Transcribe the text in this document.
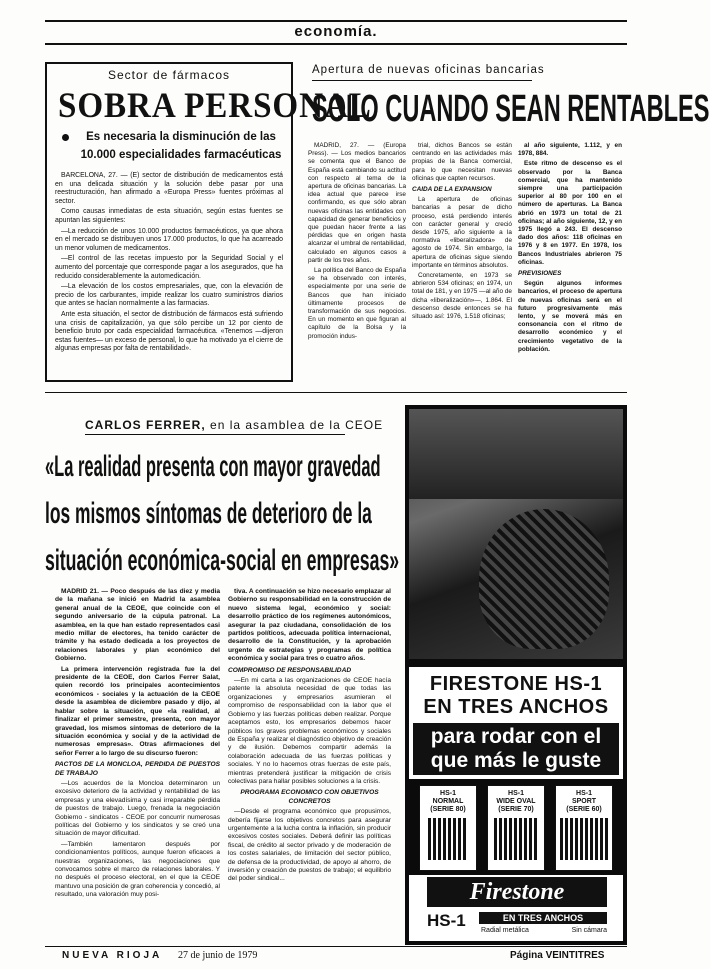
economía.
Sector de fármacos
SOBRA PERSONAL
Es necesaria la disminución de las
10.000 especialidades farmacéuticas

BARCELONA, 27. — (E) sector de distribución de medicamentos está en una delicada situación y la solución debe pasar por una reestructuración, han afirmado a «Europa Press» fuentes próximas al sector.

Como causas inmediatas de esta situación, según estas fuentes se apuntan las siguientes:

—La reducción de unos 10.000 productos farmacéuticos, ya que ahora en el mercado se distribuyen unos 17.000 productos, lo que ha acarreado un menor volumen de medicamentos.

—El control de las recetas impuesto por la Seguridad Social y el aumento del porcentaje que corresponde pagar a los asegurados, que ha reducido considerablemente la automedicación.

—La elevación de los costos empresariales, que, con la elevación de precio de los carburantes, impide realizar los cuatro suministros diarios que antes se hacían normalmente a las farmacias.

Ante esta situación, el sector de distribución de fármacos está sufriendo una crisis de capitalización, ya que sólo percibe un 12 por ciento de beneficio bruto por cada especialidad farmacéutica. «Tenemos —dijeron estas fuentes— un exceso de personal, lo que ha motivado ya el cierre de algunas empresas por falta de rentabilidad».

Apertura de nuevas oficinas bancarias
SOLO CUANDO SEAN RENTABLES

MADRID, 27. — (Europa Press). — Los medios bancarios se comenta que el Banco de España está cambiando su actitud con respecto al tema de la apertura de oficinas bancarias. La idea actual que parece irse confirmando, es que sólo abran nuevas oficinas las entidades con capacidad de generar beneficios y que puedan hacer frente a las pérdidas que en origen hasta alcanzar el umbral de rentabilidad, calculado en algunos casos a partir de los tres años.

La política del Banco de España se ha observado con interés, especialmente por una serie de Bancos que han iniciado últimamente procesos de transformación de sus negocios. En un momento en que figuran al capítulo de la Bolsa y la promoción indus-

trial, dichos Bancos se están centrando en las actividades más propias de la Banca comercial, para lo que necesitan nuevas oficinas que capten recursos.

CAIDA DE LA EXPANSION

La apertura de oficinas bancarias a pesar de dicho proceso, está perdiendo interés con carácter general y creció desde 1975, año siguiente a la normativa «liberalizadora» de agosto de 1974. Sin embargo, la apertura de oficinas sigue siendo importante en términos absolutos.

Concretamente, en 1973 se abrieron 534 oficinas; en 1974, un total de 181, y en 1975 —al año de dicha «liberalización»—, 1.864. El descenso desde entonces se ha situado así: 1976, 1.518 oficinas;

al año siguiente, 1.112, y en 1978, 884.

Este ritmo de descenso es el observado por la Banca comercial, que ha mantenido siempre una participación superior al 80 por 100 en el número de aperturas. La Banca abrió en 1973 un total de 21 oficinas; al año siguiente, 12, y en 1975 llegó a 243. El descenso dado dos años: 118 oficinas en 1976 y 8 en 1977. En 1978, los Bancos Industriales abrieron 75 oficinas.

PREVISIONES

Según algunos informes bancarios, el proceso de apertura de nuevas oficinas será en el futuro progresivamente más lento, y se moverá más en consonancia con el ritmo de desarrollo económico y el crecimiento vegetativo de la población.

CARLOS FERRER, en la asamblea de la CEOE
«La realidad presenta con mayor gravedad
los mismos síntomas de deterioro de la
situación económica-social en empresas»

MADRID 21. — Poco después de las diez y media de la mañana se inició en Madrid la asamblea general anual de la CEOE, que coincide con el segundo aniversario de la cúpula patronal. La asamblea, en la que han estado representados casi medio millar de electores, ha tenido carácter de trámite y ha estado dedicada a los proyectos de relaciones laborales y plan económico del Gobierno.

La primera intervención registrada fue la del presidente de la CEOE, don Carlos Ferrer Salat, quien recordó los principales acontecimientos económicos - sociales y la actuación de la CEOE desde la asamblea de diciembre pasado y dijo, al hablar sobre la situación, que «la realidad, al finalizar el primer semestre, presenta, con mayor gravedad, los mismos síntomas de deterioro de la situación económica y social y de la actividad de numerosas empresas». Otras afirmaciones del señor Ferrer a lo largo de su discurso fueron:

PACTOS DE LA MONCLOA, PERDIDA DE PUESTOS DE TRABAJO

—Los acuerdos de la Moncloa determinaron un excesivo deterioro de la actividad y rentabilidad de las empresas y una elevadísima y casi irreparable pérdida de puestos de trabajo. Luego, frenada la negociación Gobierno - sindicatos - CEOE por concurrir numerosas políticas del Gobierno y los sindicatos y se creó una situación de mayor dificultad.

—También lamentaron después por condicionamientos políticos, aunque fueron eficaces a nuestras organizaciones, las negociaciones que convocamos sobre el marco de relaciones laborales. Y no después el proceso electoral, en el que la CEOE mantuvo una posición de gran coherencia y concedió, al resultado, una valoración muy posi-

tiva. A continuación se hizo necesario emplazar al Gobierno su responsabilidad en la construcción de nuevo sistema legal, económico y social: desarrollo práctico de los regímenes autonómicos, asegurar la paz ciudadana, consolidación de los partidos políticos, adecuada política internacional, desarrollo de la Constitución, y la aprobación urgente de estrategias y programas de política económica y social para tres o cuatro años.

COMPROMISO DE RESPONSABILIDAD

—En mi carta a las organizaciones de CEOE hacía patente la absoluta necesidad de que todas las organizaciones y empresarios asumieran el compromiso de responsabilidad con la labor que el Gobierno y las fuerzas políticas deben realizar. Porque aceptamos esto, los empresarios debemos hacer públicos los graves problemas económicos y sociales de España y realizar el diagnóstico objetivo de creación y de ilusión. Debemos compartir además la colaboración adecuada de las fuerzas políticas y sociales. Y no lo hacemos otras fuerzas de este país, mientras pretenderá justificar la mitigación de crisis colectivas para hallar posibles soluciones a la crisis.

PROGRAMA ECONOMICO CON OBJETIVOS CONCRETOS

—Desde el programa económico que propusimos, debería fijarse los objetivos concretos para asegurar urgentemente a la lucha contra la inflación, sin producir excesivos costes sociales. Deberá definir las políticas fiscal, de crédito al sector privado y de moderación de los costes salariales, de limitación del sector público, de defensa de la productividad, de apoyo al ahorro, de inversión y creación de puestos de trabajo; el equilibrio del poder sindical...

FIRESTONE HS-1
EN TRES ANCHOS
para rodar con el
que más le guste
HS-1
NORMAL
(SERIE 80)
HS-1
WIDE OVAL
(SERIE 70)
HS-1
SPORT
(SERIE 60)
Firestone
HS-1	EN TRES ANCHOS
Radial metálica	Sin cámara
NUEVA RIOJA 27 de junio de 1979	Página VEINTITRES
